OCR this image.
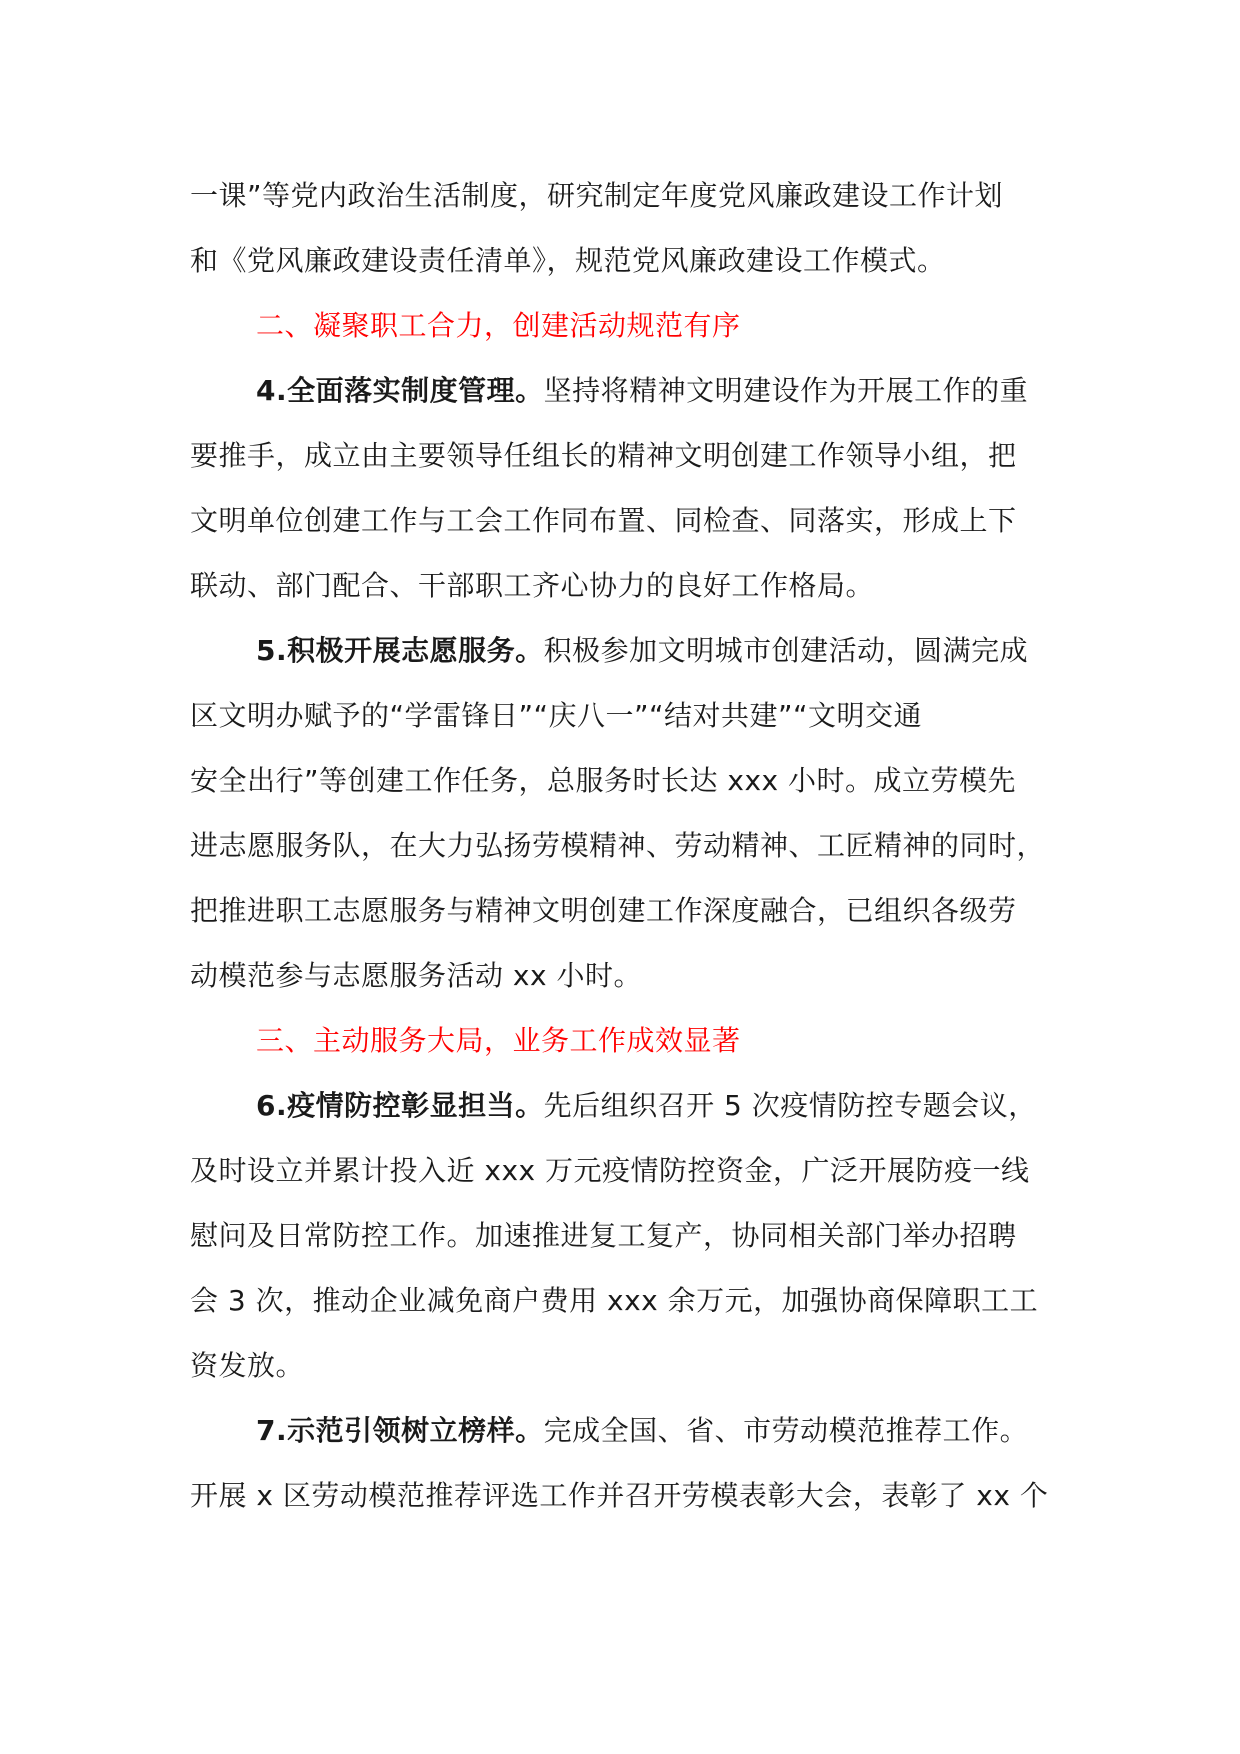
一课”等党内政治生活制度，研究制定年度党风廉政建设工作计划
和《党风廉政建设责任清单》，规范党风廉政建设工作模式。
二、凝聚职工合力，创建活动规范有序
4.全面落实制度管理。坚持将精神文明建设作为开展工作的重
要推手，成立由主要领导任组长的精神文明创建工作领导小组，把
文明单位创建工作与工会工作同布置、同检查、同落实，形成上下
联动、部门配合、干部职工齐心协力的良好工作格局。
5.积极开展志愿服务。积极参加文明城市创建活动，圆满完成
区文明办赋予的“学雷锋日”“庆八一”“结对共建”“文明交通
安全出行”等创建工作任务，总服务时长达 xxx 小时。成立劳模先
进志愿服务队，在大力弘扬劳模精神、劳动精神、工匠精神的同时，
把推进职工志愿服务与精神文明创建工作深度融合，已组织各级劳
动模范参与志愿服务活动 xx 小时。
三、主动服务大局，业务工作成效显著
6.疫情防控彰显担当。先后组织召开 5 次疫情防控专题会议，
及时设立并累计投入近 xxx 万元疫情防控资金，广泛开展防疫一线
慰问及日常防控工作。加速推进复工复产，协同相关部门举办招聘
会 3 次，推动企业减免商户费用 xxx 余万元，加强协商保障职工工
资发放。
7.示范引领树立榜样。完成全国、省、市劳动模范推荐工作。
开展 x 区劳动模范推荐评选工作并召开劳模表彰大会，表彰了 xx 个
